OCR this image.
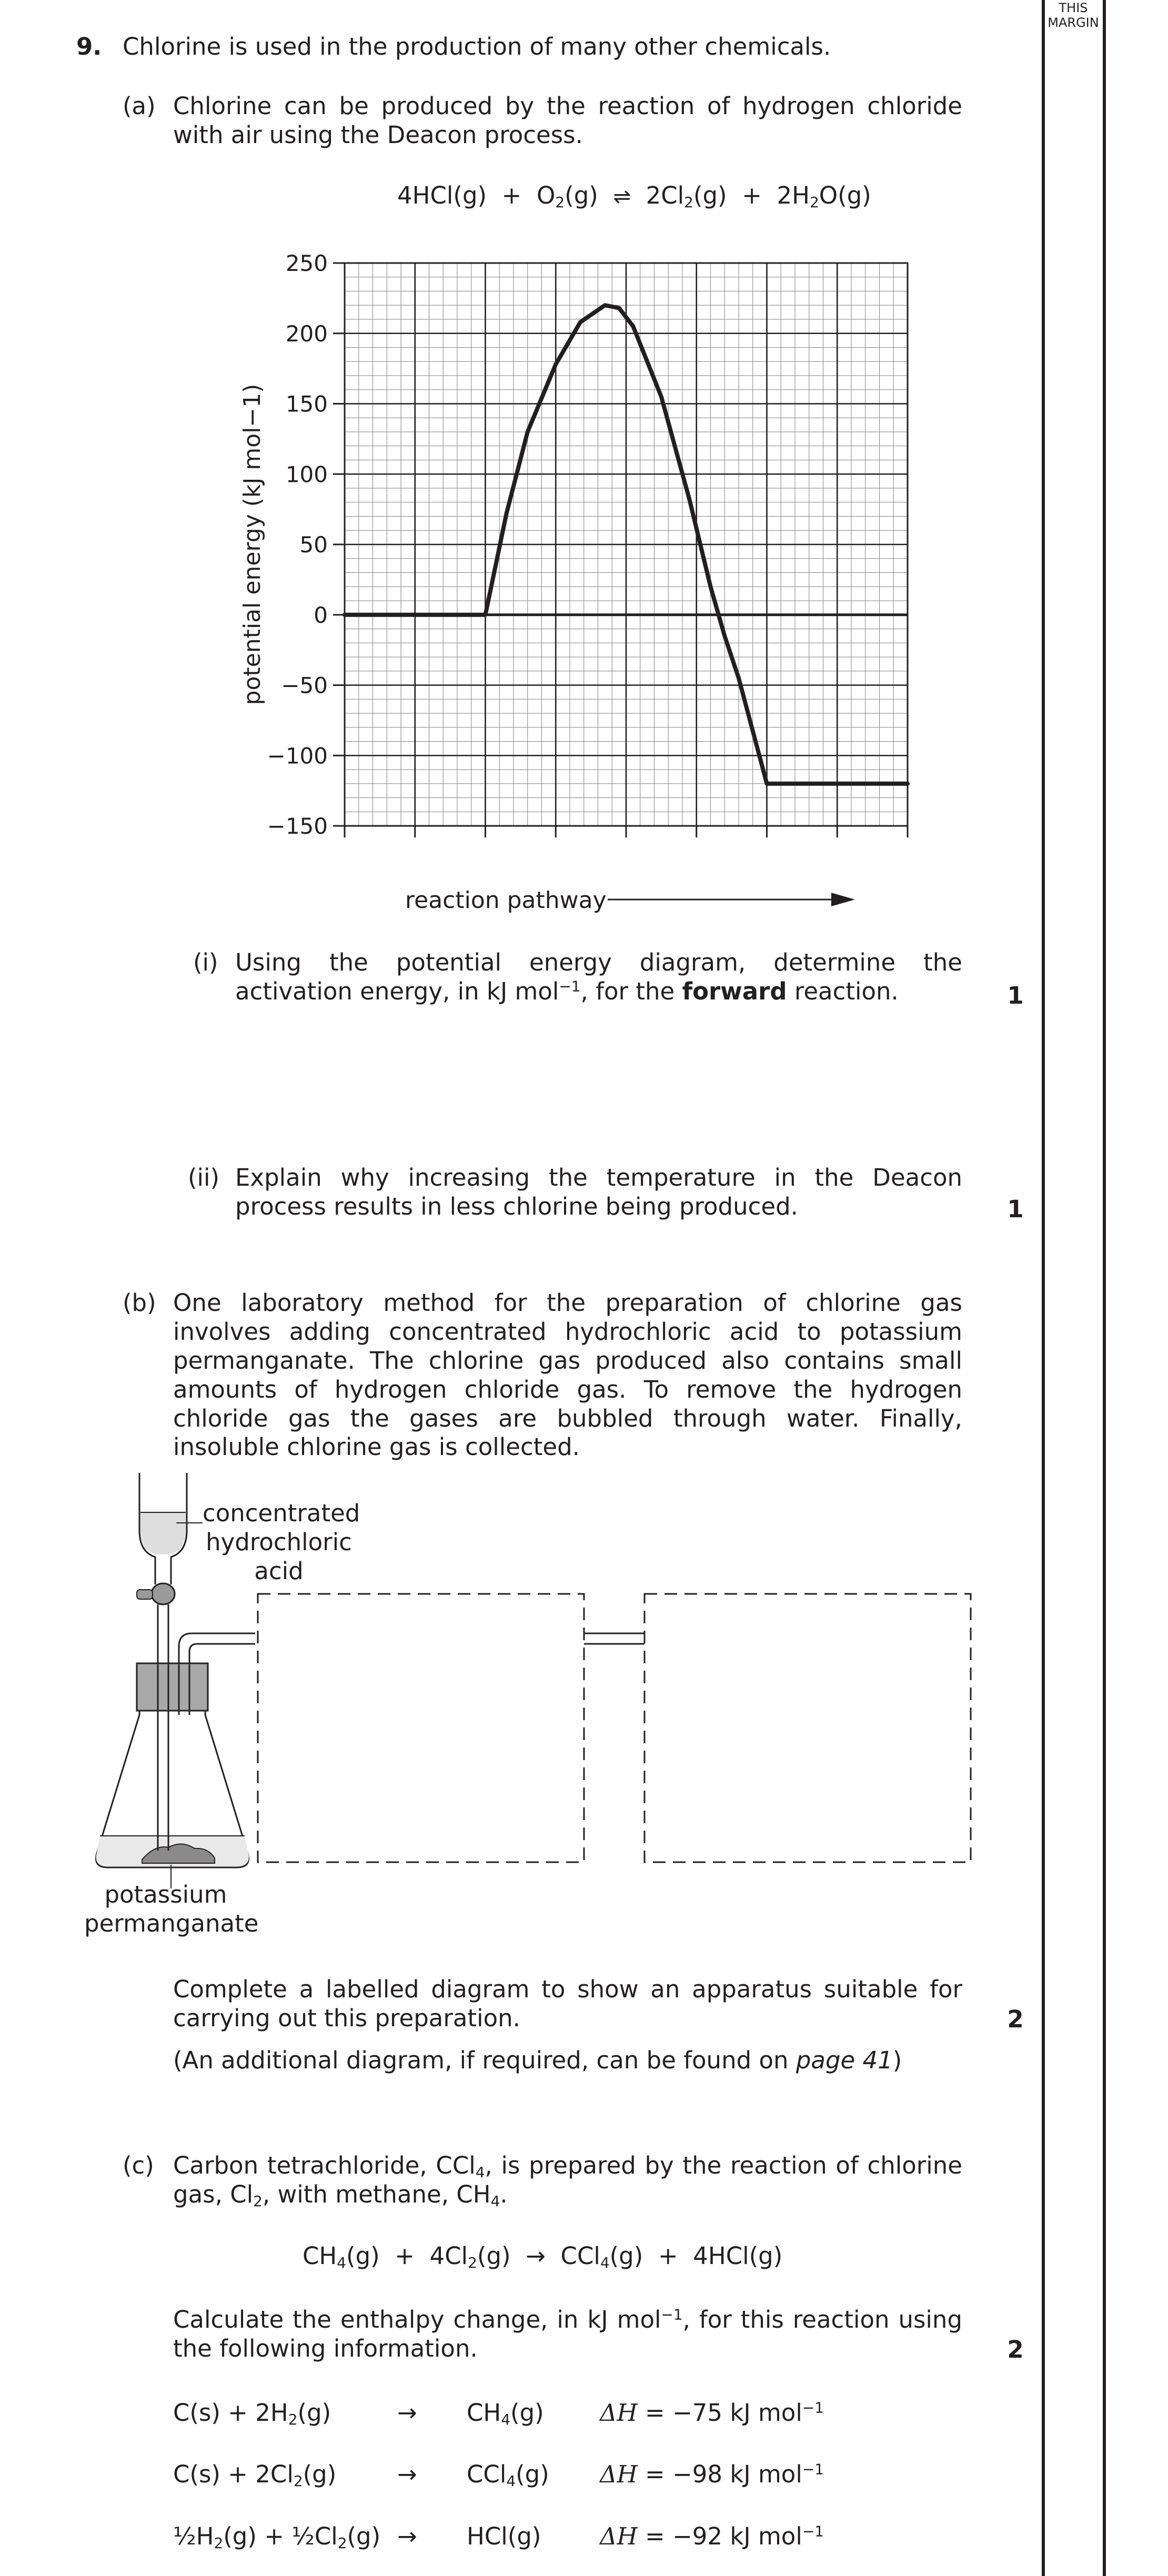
THIS MARGIN
9. Chlorine is used in the production of many other chemicals.
(a) Chlorine can be produced by the reaction of hydrogen chloride with air using the Deacon process.
$4HCl(g) + O_2(g)$  ⇌  $2Cl_2(g) + 2H_2O(g)$
250
200
150
100
50
0
−50
−100
−150
potential energy (kJ mol−1)
reaction pathway
(i) Using the potential energy diagram, determine the activation energy, in kJ mol$^{-1}$, for the forward reaction.	1
(ii) Explain why increasing the temperature in the Deacon process results in less chlorine being produced.	1
(b) One laboratory method for the preparation of chlorine gas involves adding concentrated hydrochloric acid to potassium permanganate. The chlorine gas produced also contains small amounts of hydrogen chloride gas. To remove the hydrogen chloride gas the gases are bubbled through water. Finally, insoluble chlorine gas is collected.
concentrated
hydrochloric
acid
potassium
permanganate
Complete a labelled diagram to show an apparatus suitable for carrying out this preparation.
(An additional diagram, if required, can be found on page 41)
2
(c) Carbon tetrachloride, CCl$_4$, is prepared by the reaction of chlorine gas, $Cl_2$, with methane, $CH_4$.
$CH_4(g) + 4Cl_2(g) \to CCl_4(g) + 4HCl(g)$
Calculate the enthalpy change, in kJ mol$^{-1}$, for this reaction using the following information.	2
$C(s) + 2H_2(g)$	→ $CH_4(g) \Delta H = -75$ kJ mol$^{-1}$
$C(s) + 2Cl_2(g)$	→ CCl$_4$(g) ΔH = −98 kJ mol$^{-1}$
$\frac{1}{2}H_2(g)$ + $\frac{1}{2}Cl_2(g) \to HCl(g) \Delta H = -92$ kJ mol$^{-1}$
